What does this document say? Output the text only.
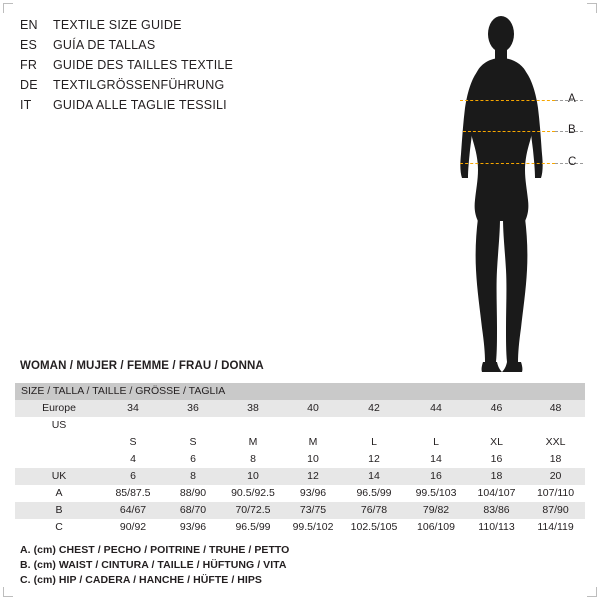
EN	TEXTILE SIZE GUIDE
ES	GUÍA DE TALLAS
FR	GUIDE DES TAILLES TEXTILE
DE	TEXTILGRÖSSENFÜHRUNG
IT	GUIDA ALLE TAGLIE TESSILI	A
B
C
WOMAN / MUJER / FEMME / FRAU / DONNA
SIZE / TALLA / TAILLE / GRÖSSE / TAGLIA								
Europe	34	36	38	40	42	44	46	48
US								
	S	S	M	M	L	L	XL	XXL
	4	6	8	10	12	14	16	18
UK	6	8	10	12	14	16	18	20
A	85/87.5	88/90	90.5/92.5	93/96	96.5/99	99.5/103	104/107	107/110
B	64/67	68/70	70/72.5	73/75	76/78	79/82	83/86	87/90
C	90/92	93/96	96.5/99	99.5/102	102.5/105	106/109	110/113	114/119
A. (cm) CHEST / PECHO / POITRINE / TRUHE / PETTO
B. (cm) WAIST / CINTURA / TAILLE / HÜFTUNG / VITA
C. (cm) HIP / CADERA / HANCHE / HÜFTE / HIPS
